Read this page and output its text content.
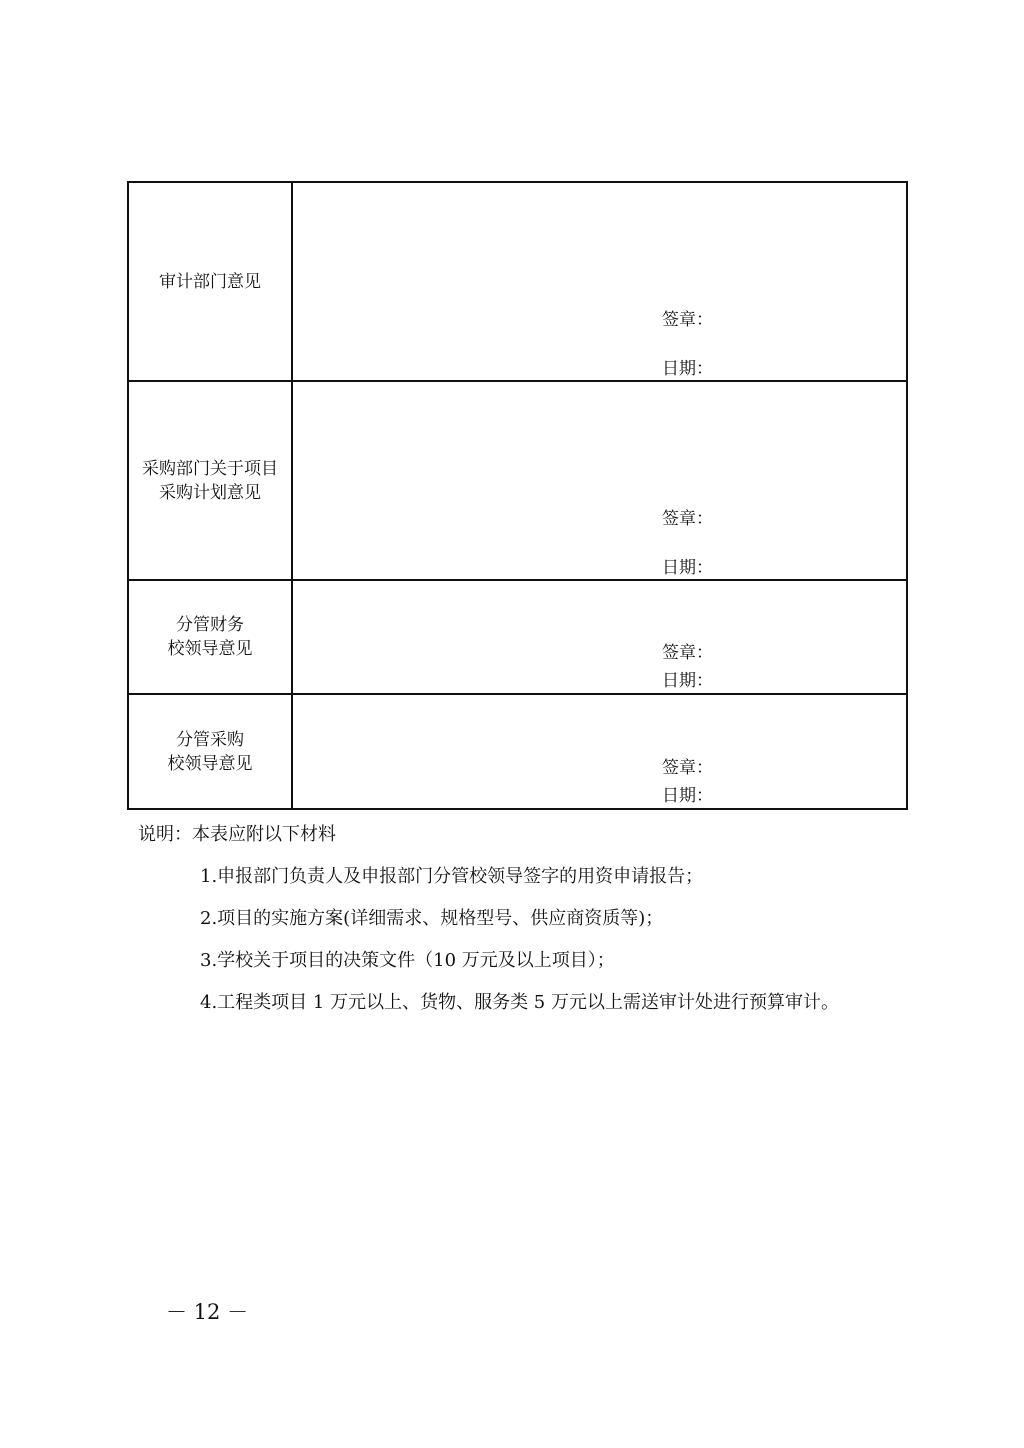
审计部门意见	签章：
日期：

采购部门关于项目
采购计划意见	签章：
日期：

分管财务
校领导意见	签章：
日期：

分管采购
校领导意见	签章：
日期：
说明：本表应附以下材料
1.申报部门负责人及申报部门分管校领导签字的用资申请报告；
2.项目的实施方案(详细需求、规格型号、供应商资质等)；
3.学校关于项目的决策文件（10 万元及以上项目）；
4.工程类项目 1 万元以上、货物、服务类 5 万元以上需送审计处进行预算审计。
－ 12 －
